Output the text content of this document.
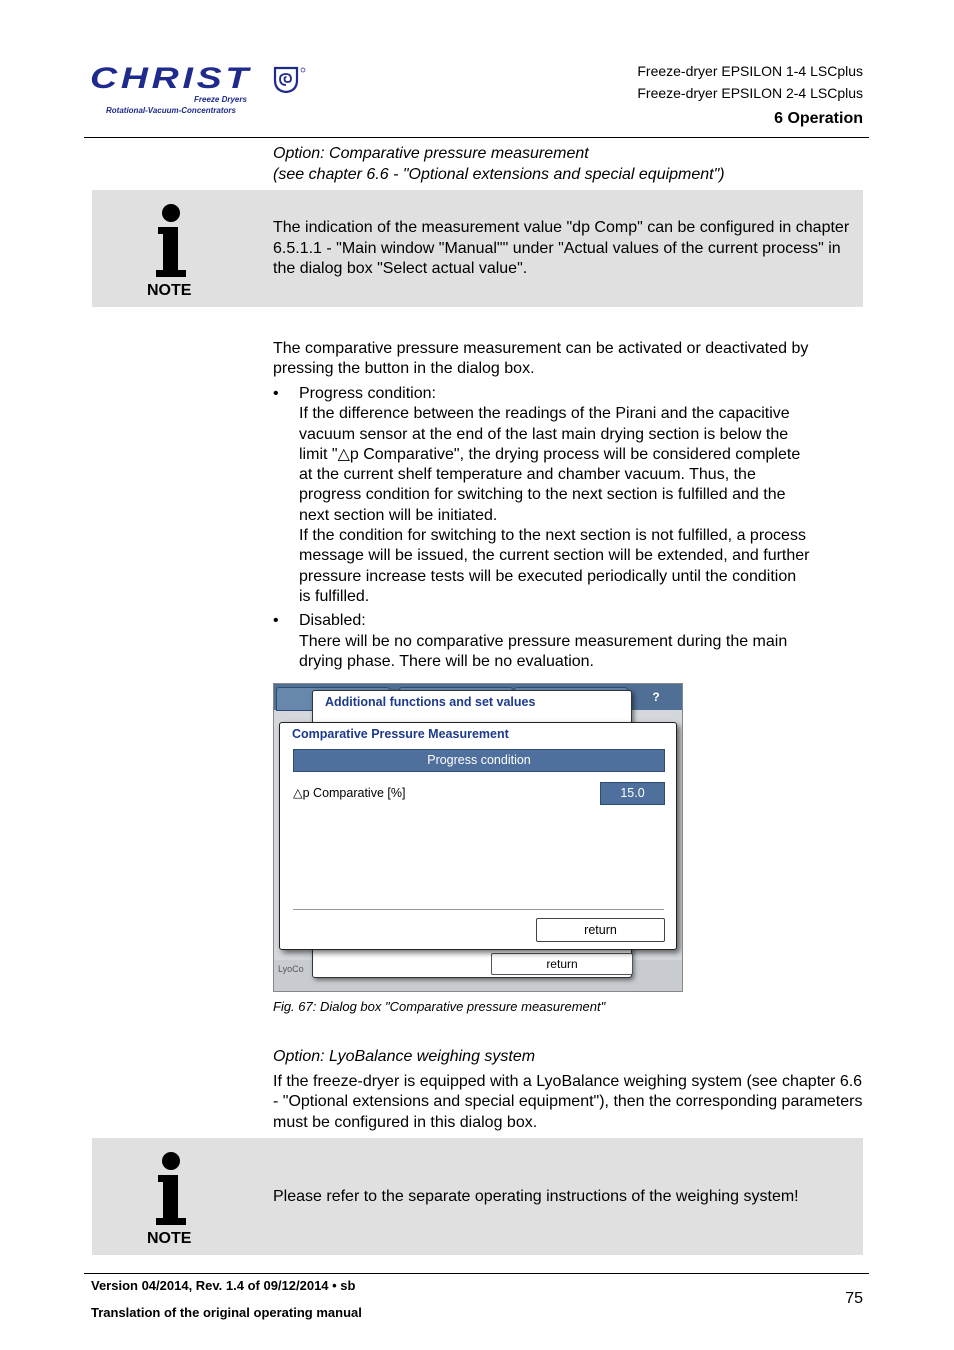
CHRIST
Freeze Dryers
Rotational-Vacuum-Concentrators
Freeze-dryer EPSILON 1-4 LSCplus
Freeze-dryer EPSILON 2-4 LSCplus
6 Operation
Option: Comparative pressure measurement
(see chapter 6.6 - "Optional extensions and special equipment")
NOTE
The indication of the measurement value "dp Comp" can be configured in chapter 6.5.1.1 - "Main window "Manual"" under "Actual values of the current process" in the dialog box "Select actual value".
The comparative pressure measurement can be activated or deactivated by pressing the button in the dialog box.
• Progress condition:
If the difference between the readings of the Pirani and the capacitive
vacuum sensor at the end of the last main drying section is below the
limit "△p Comparative", the drying process will be considered complete
at the current shelf temperature and chamber vacuum. Thus, the
progress condition for switching to the next section is fulfilled and the
next section will be initiated.
If the condition for switching to the next section is not fulfilled, a process
message will be issued, the current section will be extended, and further
pressure increase tests will be executed periodically until the condition
is fulfilled.
• Disabled:
There will be no comparative pressure measurement during the main
drying phase. There will be no evaluation.
?
LyoCo
Additional functions and set values
return
Comparative Pressure Measurement
Progress condition
△p Comparative [%]	15.0
return
Fig. 67: Dialog box "Comparative pressure measurement"
Option: LyoBalance weighing system
If the freeze-dryer is equipped with a LyoBalance weighing system (see chapter 6.6 - "Optional extensions and special equipment"), then the corresponding parameters must be configured in this dialog box.
NOTE
Please refer to the separate operating instructions of the weighing system!
Version 04/2014, Rev. 1.4 of 09/12/2014 • sb
Translation of the original operating manual
75
